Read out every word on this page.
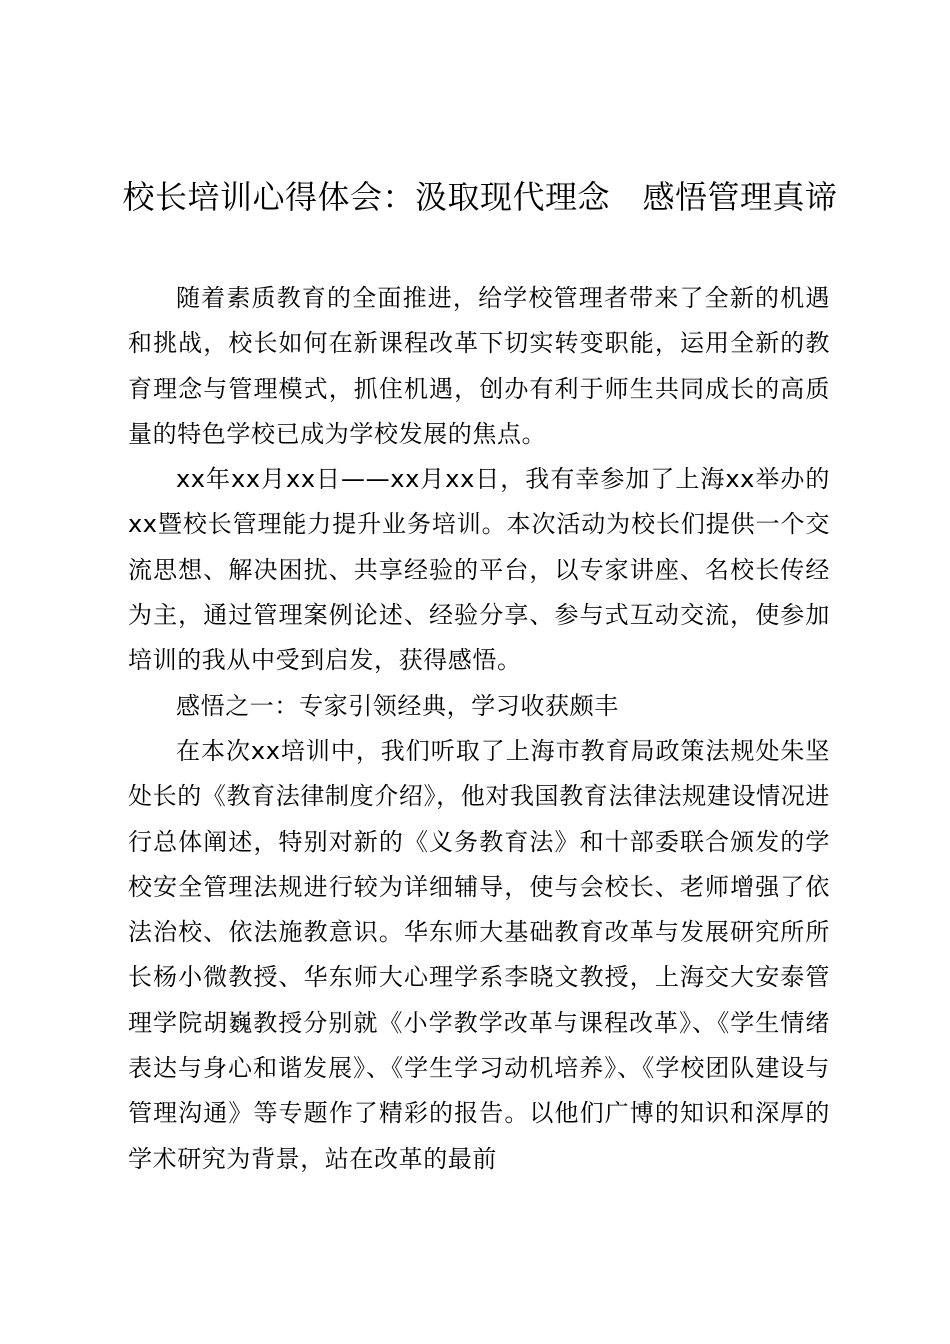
校长培训心得体会：汲取现代理念　感悟管理真谛

随着素质教育的全面推进，给学校管理者带来了全新的机遇和挑战，校长如何在新课程改革下切实转变职能，运用全新的教育理念与管理模式，抓住机遇，创办有利于师生共同成长的高质量的特色学校已成为学校发展的焦点。

xx年xx月xx日——xx月xx日，我有幸参加了上海xx举办的xx暨校长管理能力提升业务培训。本次活动为校长们提供一个交流思想、解决困扰、共享经验的平台，以专家讲座、名校长传经为主，通过管理案例论述、经验分享、参与式互动交流，使参加培训的我从中受到启发，获得感悟。

感悟之一：专家引领经典，学习收获颇丰

在本次xx培训中，我们听取了上海市教育局政策法规处朱坚处长的《教育法律制度介绍》，他对我国教育法律法规建设情况进行总体阐述，特别对新的《义务教育法》和十部委联合颁发的学校安全管理法规进行较为详细辅导，使与会校长、老师增强了依法治校、依法施教意识。华东师大基础教育改革与发展研究所所长杨小微教授、华东师大心理学系李晓文教授，上海交大安泰管理学院胡巍教授分别就《小学教学改革与课程改革》、《学生情绪表达与身心和谐发展》、《学生学习动机培养》、《学校团队建设与管理沟通》等专题作了精彩的报告。以他们广博的知识和深厚的学术研究为背景，站在改革的最前
